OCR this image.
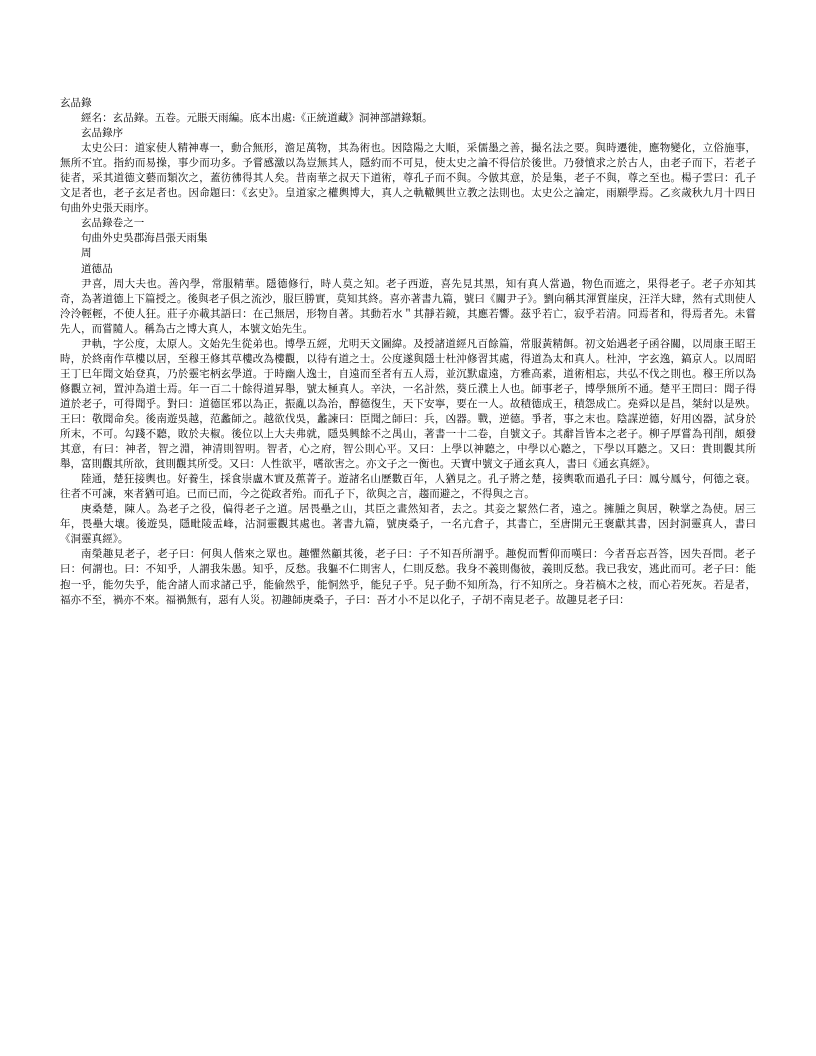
玄品錄

經名：玄品錄。五卷。元賬天雨編。底本出處:《正統道藏》洞神部譜錄類。

玄品錄序

太史公曰：道家使人精神專一，動合無形，澹足萬物，其為術也。因陰陽之大順，采儒墨之善，撮名法之要。與時遷徙，應物變化，立俗施事，無所不宜。指約而易操，事少而功多。予嘗感激以為豈無其人，隱約而不可見，使太史之論不得信於後世。乃發憤求之於古人，由老子而下，若老子徒者，采其道德文藝而類次之，蓋彷彿得其人矣。昔南華之叔天下道術，尊孔子而不與。今倣其意，於是集，老子不與，尊之至也。楊子雲曰：孔子文足者也，老子玄足者也。因命題曰：《玄史》。皇道家之權輿博大，真人之軌轍興世立教之法則也。太史公之論定，雨願學焉。乙亥歲秋九月十四日句曲外史張天雨序。

玄品錄卷之一

句曲外史吳郡海昌張天雨集

周

道德品

尹喜，周大夫也。善內學，常服精華。隱德修行，時人莫之知。老子西遊，喜先見其黑，知有真人當過，物色而遮之，果得老子。老子亦知其奇，為著道德上下篇授之。後與老子俱之流沙，服巨勝實，莫知其終。喜亦著書九篇，號曰《關尹子》。劉向稱其渾質崖戾，汪洋大肆，然有式則使人泠泠輕輕，不使人狂。莊子亦載其語曰：在己無居，形物自著。其動若水＂其靜若鏡，其應若響。茲乎若亡，寂乎若清。同焉者和，得焉者先。未嘗先人，而嘗隨人。稱為古之博大真人，本號文始先生。

尹軌，字公度，太原人。文始先生從弟也。博學五經，尤明天文圖緯。及授諸道經凡百餘篇，常服黃精餌。初文始遇老子函谷關，以周康王昭王時，於終南作草樓以居，至穆王修其草樓改為樓觀，以待有道之士。公度遂與隱士杜沖修習其處，得道為太和真人。杜沖，字玄逸，鎬京人。以周昭王丁巳年聞文始登真，乃於靈宅柄玄學道。于時幽人逸士，自遠而至者有五人焉，並沉默虛遠，方雅高素，道術相忘，共弘不伐之則也。穆王所以為修觀立祠，置沖為道士焉。年一百二十餘得道昇舉，號太極真人。辛決，一名計然，葵丘濮上人也。師事老子，博學無所不通。楚平王問曰：聞子得道於老子，可得聞乎。對曰：道德匡邪以為正，振亂以為治，醇德復生，天下安寧，要在一人。故積德成王，積怨成亡。堯舜以是昌，桀紂以是殃。王曰：敬聞命矣。後南遊吳越，范蠡師之。越欲伐吳，蠡諫曰：臣聞之師曰：兵，凶器。戰，逆德。爭者，事之末也。陰謀逆德，好用凶器，試身於所末，不可。勾踐不聽，敗於夫椒。後位以上大夫弗就，隱吳興餘不之禺山，著書一十二卷，自號文子。其辭旨皆本之老子。柳子厚嘗為刊削，頗發其意，有曰：神者，智之淵，神清則智明。智者，心之府，智公則心平。又曰：上學以神聽之，中學以心聽之，下學以耳聽之。又曰：貴則觀其所舉，富則觀其所欲，貧則觀其所受。又曰：人性欲平，嗜欲害之。亦文子之一衡也。天寶中號文子通玄真人，書曰《通玄真經》。

陸通，楚狂接輿也。好養生，採食崇盧木實及蕉菁子。遊諸名山歷數百年，人猶見之。孔子將之楚，接輿歌而過孔子曰：鳳兮鳳兮，何德之衰。往者不可諫，來者猶可追。已而已而，今之從政者殆。而孔子下，欲與之言，趨而避之，不得與之言。

庚桑楚，陳人。為老子之役，偏得老子之道。居畏壘之山，其臣之畫然知者，去之。其妾之絜然仁者，遠之。擁腫之與居，鞅掌之為使。居三年，畏壘大壤。後遊吳，隱毗陵盂峰，沽洞靈觀其處也。著書九篇，號庚桑子，一名亢倉子，其書亡，至唐開元王褒獻其書，因封洞靈真人，書曰《洞靈真經》。

南榮趣見老子，老子曰：何與人偕來之眾也。趣懼然顧其後，老子曰：子不知吾所謂乎。趣倪而暫仰而嘆曰：今者吾忘吾答，因失吾問。老子曰：何謂也。曰：不知乎，人謂我朱愚。知乎，反愁。我軀不仁則害人，仁則反愁。我身不義則傷彼，義則反愁。我已我安，逃此而可。老子曰：能抱一乎，能勿失乎，能舍諸人而求諸己乎，能偷然乎，能恫然乎，能兒子乎。兒子動不知所為，行不知所之。身若槁木之枝，而心若死灰。若是者，福亦不至，禍亦不來。福禍無有，惡有人災。初趣師庚桑子，子曰：吾才小不足以化子，子胡不南見老子。故趣見老子曰：
